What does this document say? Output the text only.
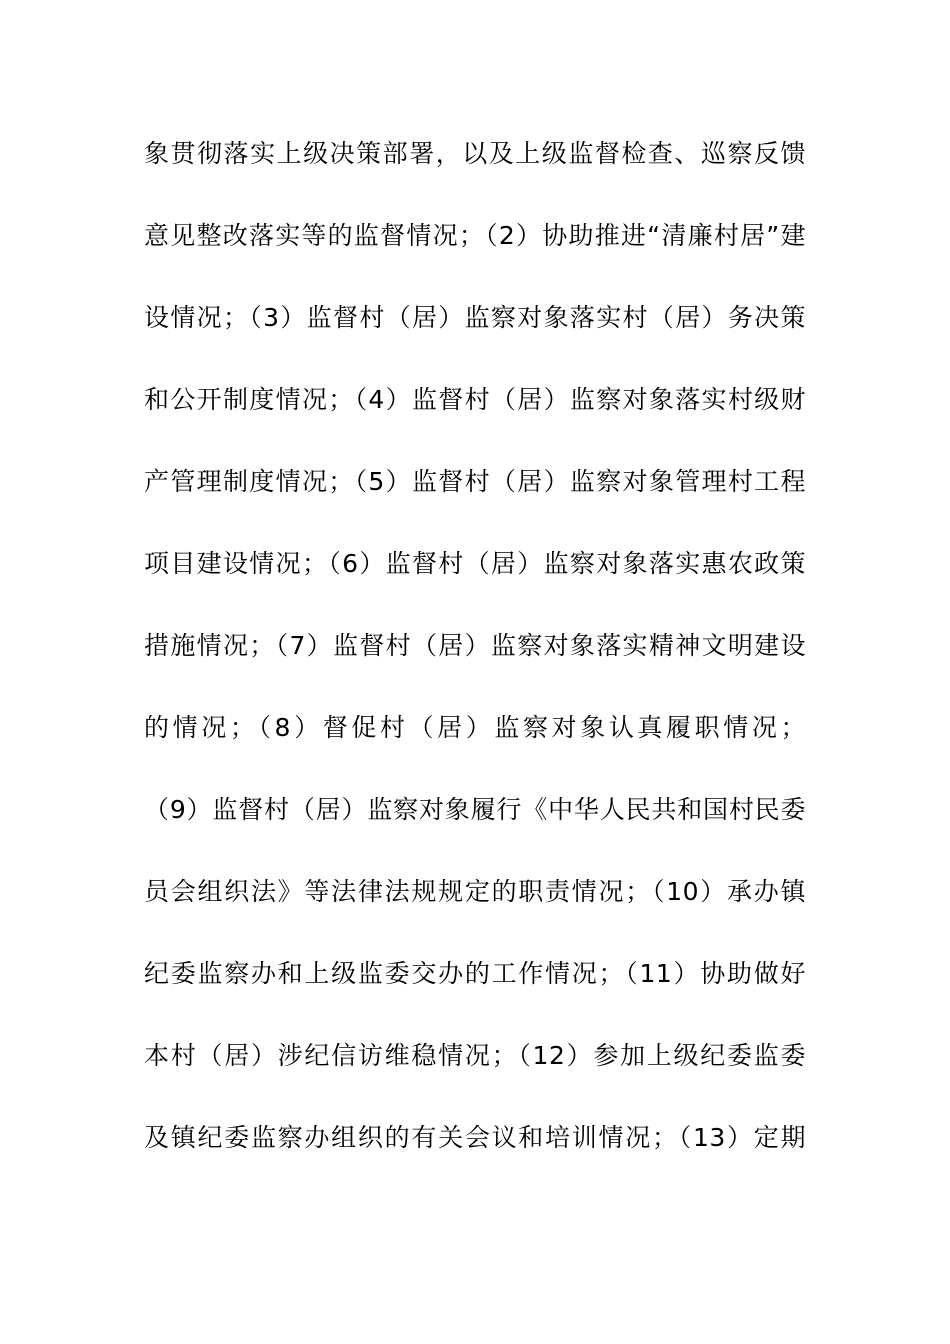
象贯彻落实上级决策部署，以及上级监督检查、巡察反馈
意见整改落实等的监督情况；（2）协助推进“清廉村居”建
设情况；（3）监督村（居）监察对象落实村（居）务决策
和公开制度情况；（4）监督村（居）监察对象落实村级财
产管理制度情况；（5）监督村（居）监察对象管理村工程
项目建设情况；（6）监督村（居）监察对象落实惠农政策
措施情况；（7）监督村（居）监察对象落实精神文明建设
的情况；（8）督促村（居）监察对象认真履职情况；
（9）监督村（居）监察对象履行《中华人民共和国村民委
员会组织法》等法律法规规定的职责情况；（10）承办镇
纪委监察办和上级监委交办的工作情况；（11）协助做好
本村（居）涉纪信访维稳情况；（12）参加上级纪委监委
及镇纪委监察办组织的有关会议和培训情况；（13）定期
